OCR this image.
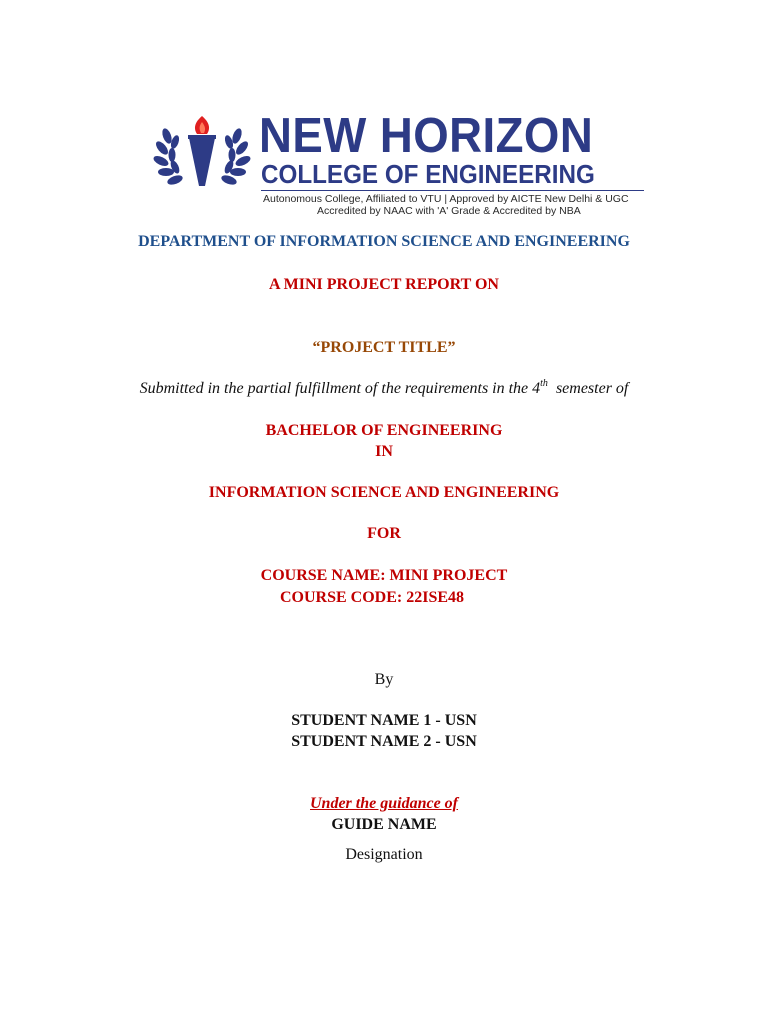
NEW HORIZON
COLLEGE OF ENGINEERING
Autonomous College, Affiliated to VTU | Approved by AICTE New Delhi & UGC
Accredited by NAAC with 'A' Grade & Accredited by NBA
DEPARTMENT OF INFORMATION SCIENCE AND ENGINEERING
A MINI PROJECT REPORT ON
“PROJECT TITLE”
Submitted in the partial fulfillment of the requirements in the 4th  semester of
BACHELOR OF ENGINEERING
IN
INFORMATION SCIENCE AND ENGINEERING
FOR
COURSE NAME: MINI PROJECT
COURSE CODE: 22ISE48
By
STUDENT NAME 1 - USN
STUDENT NAME 2 - USN
Under the guidance of
GUIDE NAME
Designation
